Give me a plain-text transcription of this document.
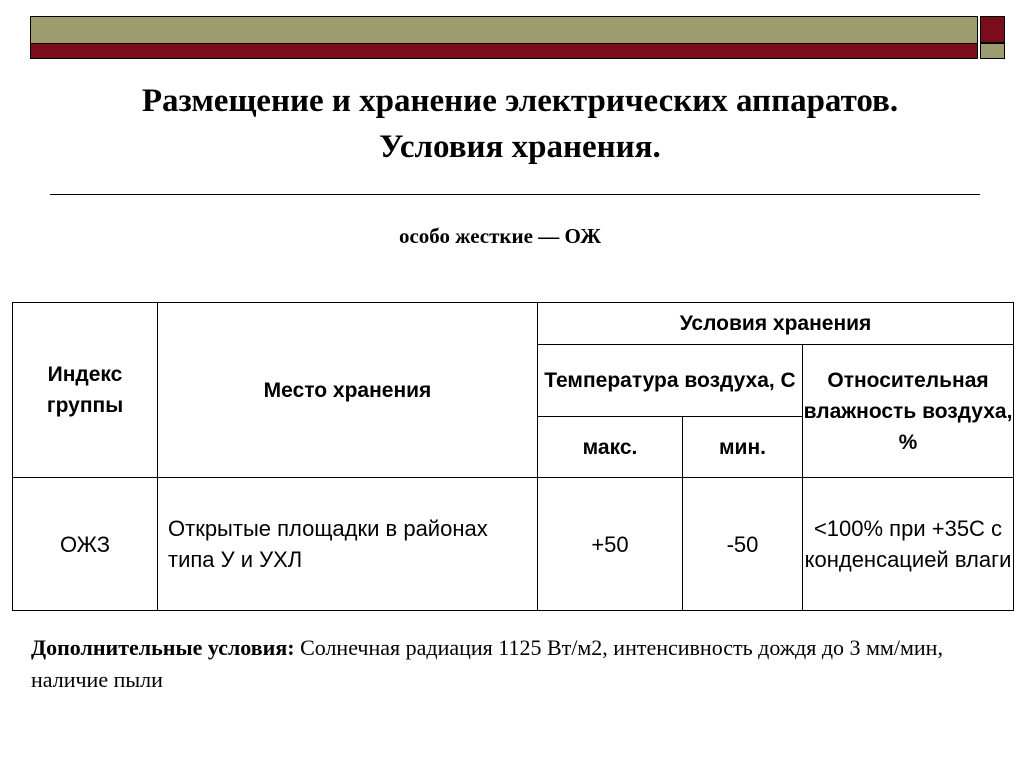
Размещение и хранение электрических аппаратов.
Условия хранения.
особо жесткие — ОЖ
Индекс группы	Место хранения	Условия хранения		
		Температура воздуха, С		Относительная влажность воздуха, %
		макс.	мин.	
ОЖЗ	Открытые площадки в районах типа У и УХЛ	+50	-50	<100% при +35С с конденсацией влаги
Дополнительные условия: Солнечная радиация 1125 Вт/м2, интенсивность дождя до 3 мм/мин, наличие пыли
